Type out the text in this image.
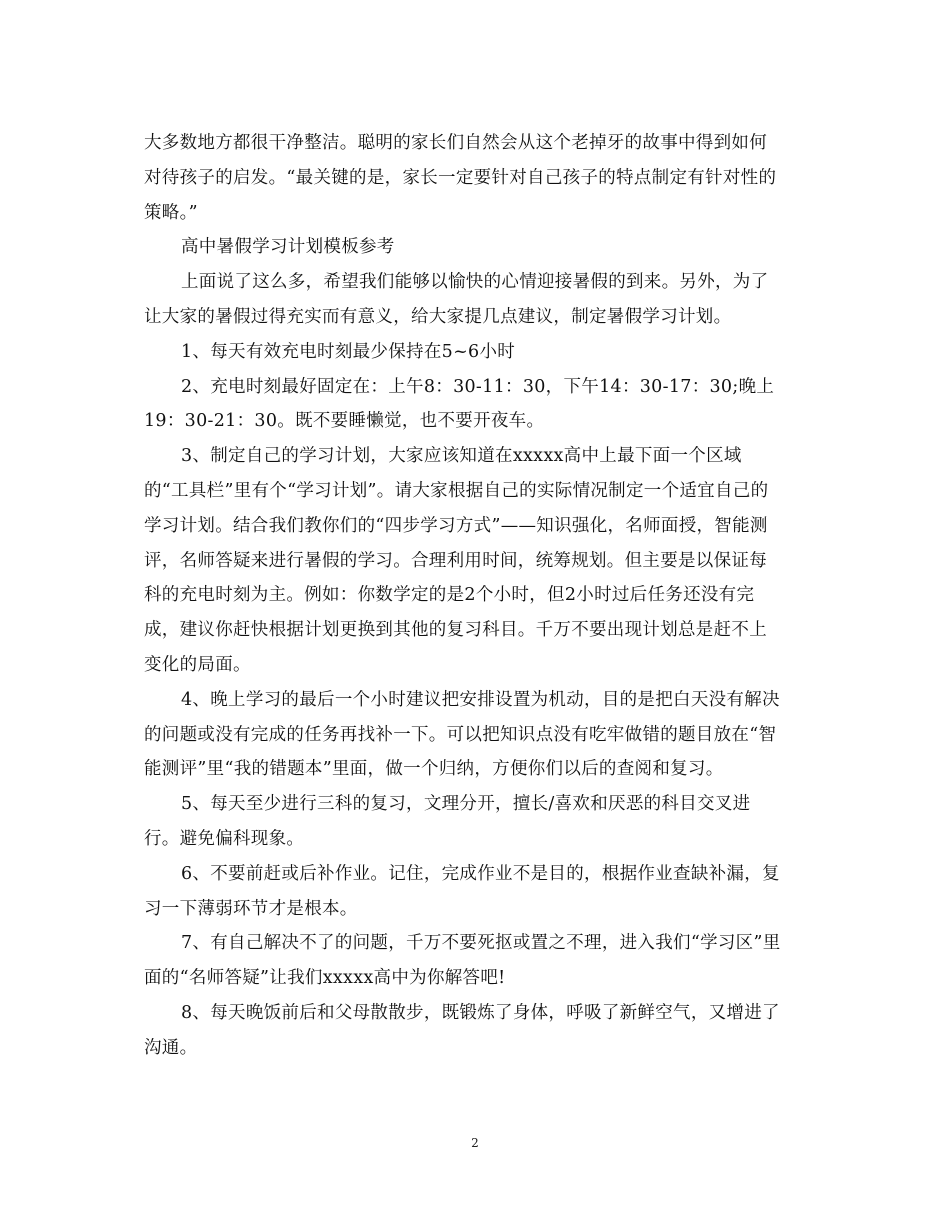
大多数地方都很干净整洁。聪明的家长们自然会从这个老掉牙的故事中得到如何
对待孩子的启发。“最关键的是，家长一定要针对自己孩子的特点制定有针对性的
策略。”
高中暑假学习计划模板参考
上面说了这么多，希望我们能够以愉快的心情迎接暑假的到来。另外，为了
让大家的暑假过得充实而有意义，给大家提几点建议，制定暑假学习计划。
1、每天有效充电时刻最少保持在5~6小时
2、充电时刻最好固定在：上午8：30-11：30，下午14：30-17：30;晚上
19：30-21：30。既不要睡懒觉，也不要开夜车。
3、制定自己的学习计划，大家应该知道在xxxxx高中上最下面一个区域
的“工具栏”里有个“学习计划”。请大家根据自己的实际情况制定一个适宜自己的
学习计划。结合我们教你们的“四步学习方式”——知识强化，名师面授，智能测
评，名师答疑来进行暑假的学习。合理利用时间，统筹规划。但主要是以保证每
科的充电时刻为主。例如：你数学定的是2个小时，但2小时过后任务还没有完
成，建议你赶快根据计划更换到其他的复习科目。千万不要出现计划总是赶不上
变化的局面。
4、晚上学习的最后一个小时建议把安排设置为机动，目的是把白天没有解决
的问题或没有完成的任务再找补一下。可以把知识点没有吃牢做错的题目放在“智
能测评”里“我的错题本”里面，做一个归纳，方便你们以后的查阅和复习。
5、每天至少进行三科的复习，文理分开，擅长/喜欢和厌恶的科目交叉进
行。避免偏科现象。
6、不要前赶或后补作业。记住，完成作业不是目的，根据作业查缺补漏，复
习一下薄弱环节才是根本。
7、有自己解决不了的问题，千万不要死抠或置之不理，进入我们“学习区”里
面的“名师答疑”让我们xxxxx高中为你解答吧!
8、每天晚饭前后和父母散散步，既锻炼了身体，呼吸了新鲜空气，又增进了
沟通。
2
